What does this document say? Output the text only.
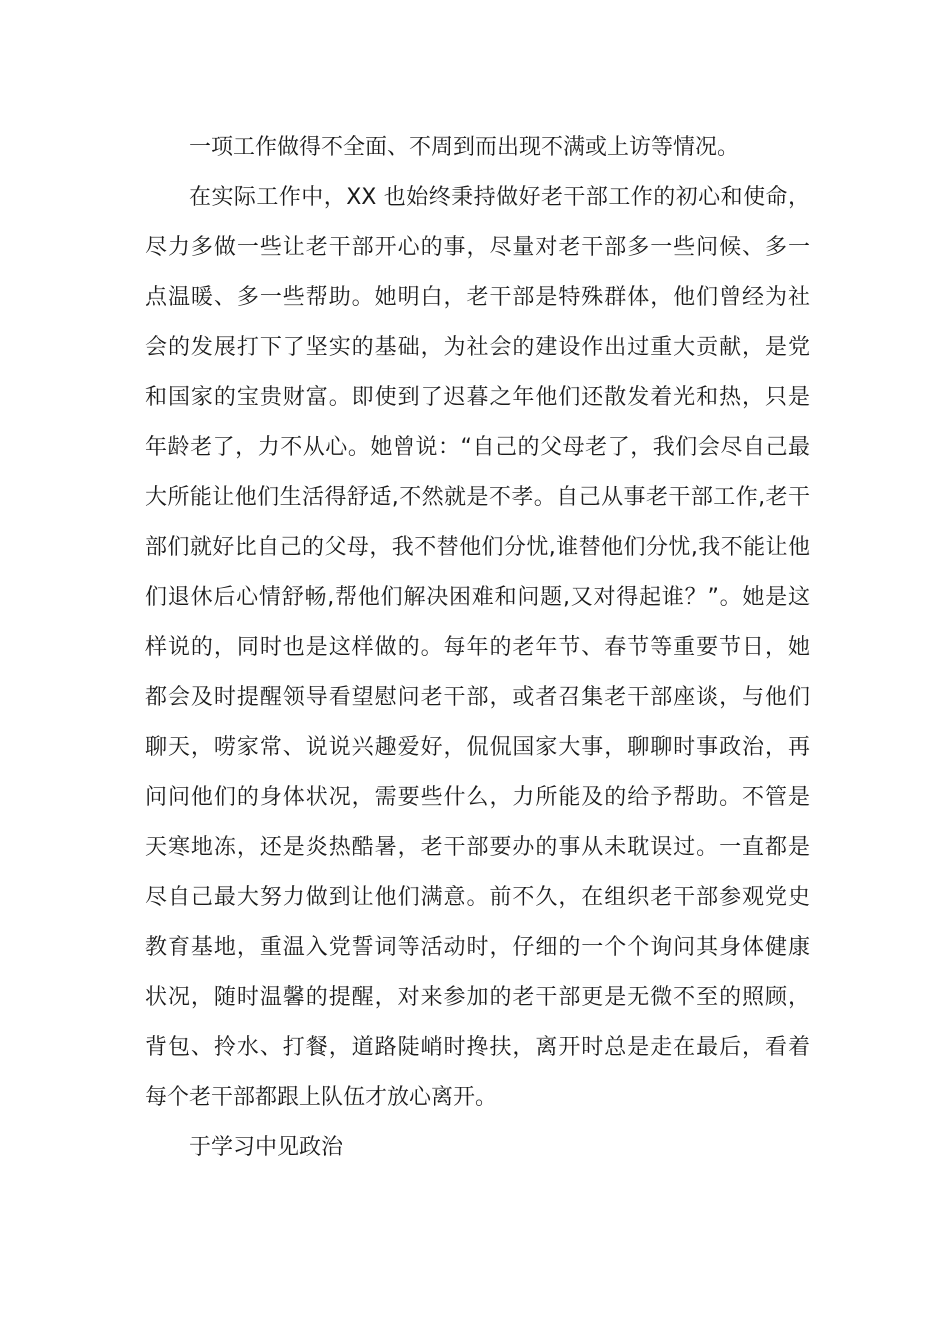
一项工作做得不全面、不周到而出现不满或上访等情况。
在实际工作中，XX 也始终秉持做好老干部工作的初心和使命，
尽力多做一些让老干部开心的事，尽量对老干部多一些问候、多一
点温暖、多一些帮助。她明白，老干部是特殊群体，他们曾经为社
会的发展打下了坚实的基础，为社会的建设作出过重大贡献，是党
和国家的宝贵财富。即使到了迟暮之年他们还散发着光和热，只是
年龄老了，力不从心。她曾说：“自己的父母老了，我们会尽自己最
大所能让他们生活得舒适,不然就是不孝。自己从事老干部工作,老干
部们就好比自己的父母，我不替他们分忧,谁替他们分忧,我不能让他
们退休后心情舒畅,帮他们解决困难和问题,又对得起谁？”。她是这
样说的，同时也是这样做的。每年的老年节、春节等重要节日，她
都会及时提醒领导看望慰问老干部，或者召集老干部座谈，与他们
聊天，唠家常、说说兴趣爱好，侃侃国家大事，聊聊时事政治，再
问问他们的身体状况，需要些什么，力所能及的给予帮助。不管是
天寒地冻，还是炎热酷暑，老干部要办的事从未耽误过。一直都是
尽自己最大努力做到让他们满意。前不久，在组织老干部参观党史
教育基地，重温入党誓词等活动时，仔细的一个个询问其身体健康
状况，随时温馨的提醒，对来参加的老干部更是无微不至的照顾，
背包、拎水、打餐，道路陡峭时搀扶，离开时总是走在最后，看着
每个老干部都跟上队伍才放心离开。
于学习中见政治
